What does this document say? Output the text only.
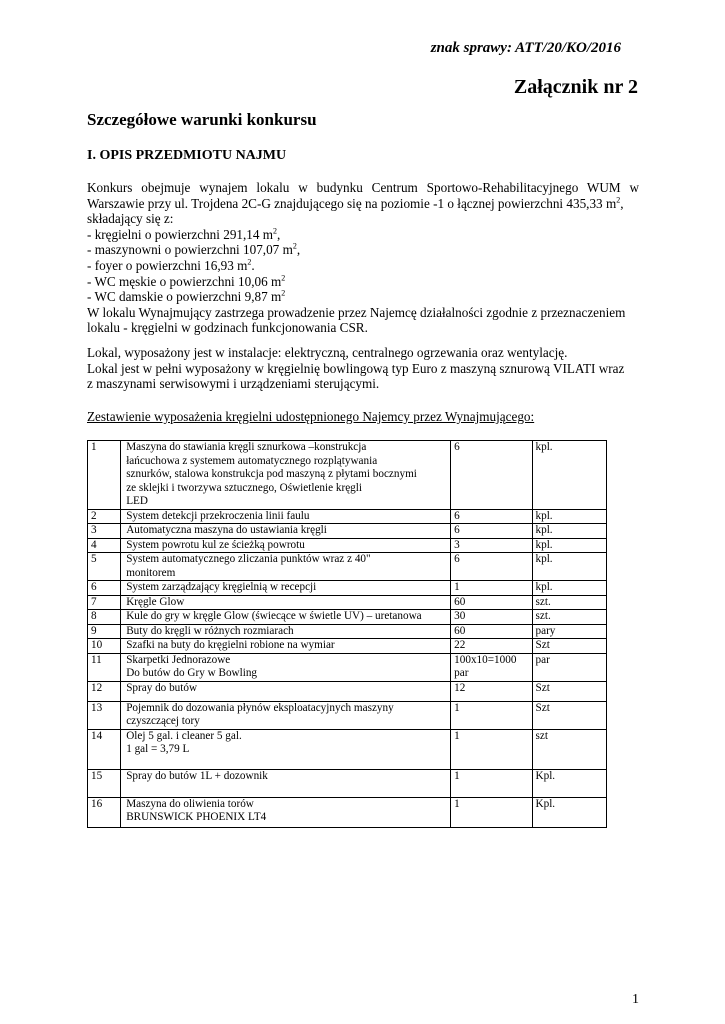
znak sprawy: ATT/20/KO/2016
Załącznik nr 2
Szczegółowe warunki konkursu
I. OPIS PRZEDMIOTU NAJMU
Konkurs obejmuje wynajem lokalu w budynku Centrum Sportowo-Rehabilitacyjnego WUM w
Warszawie przy ul. Trojdena 2C-G znajdującego się na poziomie -1 o łącznej powierzchni 435,33 $m^2$,
składający się z:
- kręgielni o powierzchni 291,14 $m^2$,
- maszynowni o powierzchni 107,07 $m^2$,
- foyer o powierzchni 16,93 $m^2$.
- WC męskie o powierzchni 10,06 $m^2$
- WC damskie o powierzchni 9,87 $m^2$
W lokalu Wynajmujący zastrzega prowadzenie przez Najemcę działalności zgodnie z przeznaczeniem
lokalu - kręgielni w godzinach funkcjonowania CSR.
Lokal, wyposażony jest w instalacje: elektryczną, centralnego ogrzewania oraz wentylację.
Lokal jest w pełni wyposażony w kręgielnię bowlingową typ Euro z maszyną sznurową VILATI wraz
z maszynami serwisowymi i urządzeniami sterującymi.
Zestawienie wyposażenia kręgielni udostępnionego Najemcy przez Wynajmującego:
1	Maszyna do stawiania kręgli sznurkowa –konstrukcja
łańcuchowa z systemem automatycznego rozplątywania
sznurków, stalowa konstrukcja pod maszyną z płytami bocznymi
ze sklejki i tworzywa sztucznego, Oświetlenie kręgli
LED	6	kpl.
2	System detekcji przekroczenia linii faulu	6	kpl.
3	Automatyczna maszyna do ustawiania kręgli	6	kpl.
4	System powrotu kul ze ścieżką powrotu	3	kpl.
5	System automatycznego zliczania punktów wraz z 40"
monitorem	6	kpl.
6	System zarządzający kręgielnią w recepcji	1	kpl.
7	Kręgle Glow	60	szt.
8	Kule do gry w kręgle Glow (świecące w świetle UV) – uretanowa	30	szt.
9	Buty do kręgli w różnych rozmiarach	60	pary
10	Szafki na buty do kręgielni robione na wymiar	22	Szt
11	Skarpetki Jednorazowe
Do butów do Gry w Bowling	100x10=1000 par	par
12	Spray do butów	12	Szt
13	Pojemnik do dozowania płynów eksploatacyjnych maszyny
czyszczącej tory	1	Szt
14	Olej 5 gal. i cleaner 5 gal.
1 gal = 3,79 L	1	szt
15	Spray do butów 1L + dozownik	1	Kpl.
16	Maszyna do oliwienia torów
BRUNSWICK PHOENIX LT4	1	Kpl.
1
